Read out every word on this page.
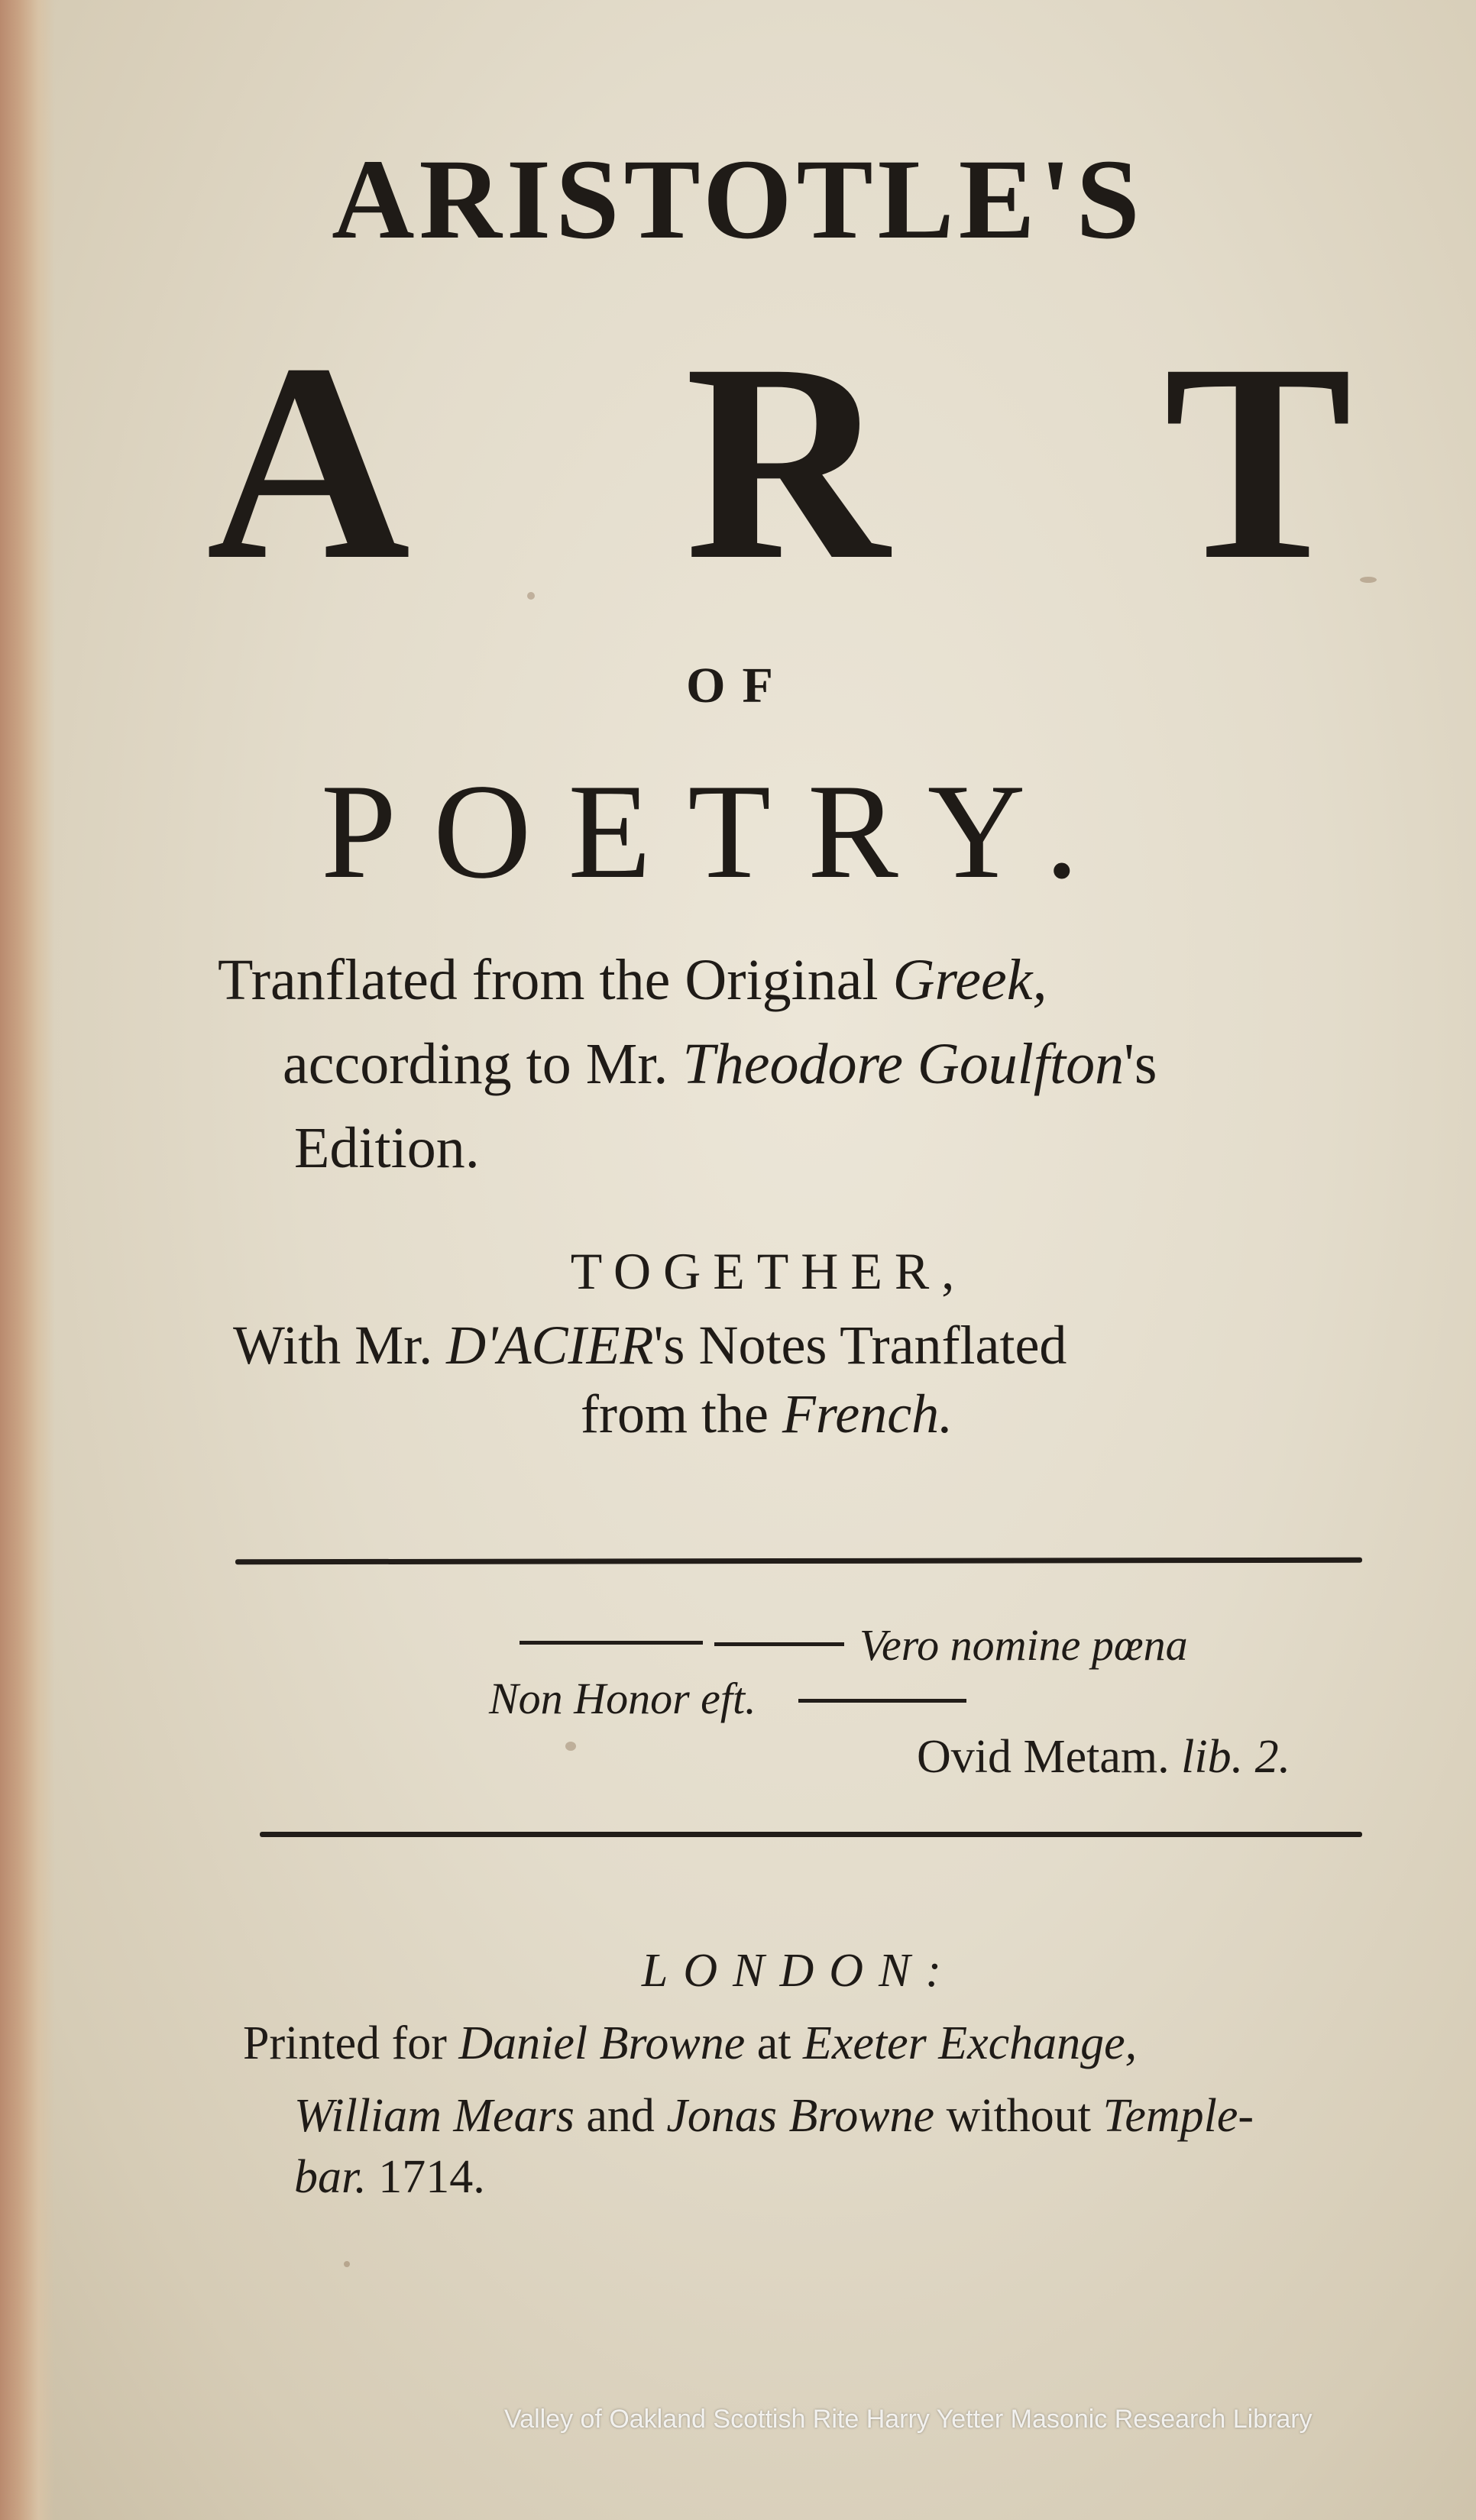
ARISTOTLE'S
A R T
OF
POETRY.
Tranflated from the Original Greek,
according to Mr. Theodore Goulfton's
Edition.
TOGETHER,
With Mr. D'ACIER's Notes Tranflated
from the French.
Vero nomine pœna
Non Honor eft.
Ovid Metam. lib. 2.
LONDON:
Printed for Daniel Browne at Exeter Exchange,
William Mears and Jonas Browne without Temple-
bar. 1714.
Valley of Oakland Scottish Rite Harry Yetter Masonic Research Library
